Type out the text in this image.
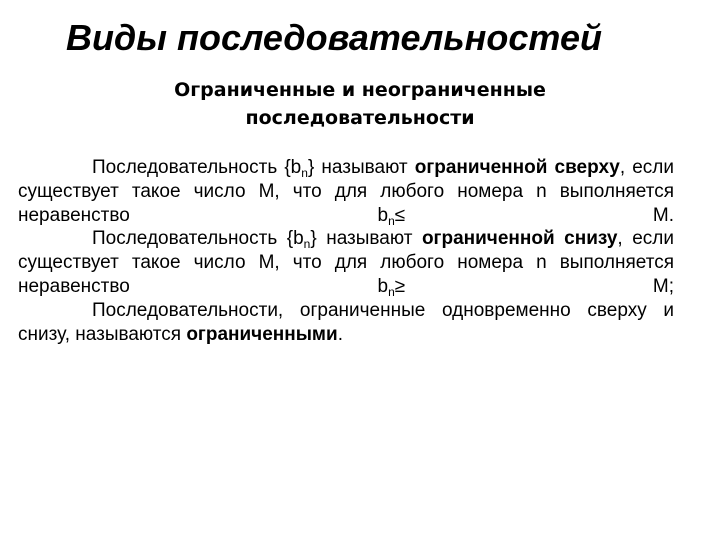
Виды последовательностей
Ограниченные и неограниченные последовательности

Последовательность $\{b_n\}$ называют ограниченной сверху, если существует такое число М, что для любого номера n выполняется неравенство $b_n\le М$.

Последовательность $\{b_n\}$ называют ограниченной снизу, если существует такое число М, что для любого номера n выполняется неравенство $b_n\ge М$;

Последовательности, ограниченные одновременно сверху и снизу, называются ограниченными.
